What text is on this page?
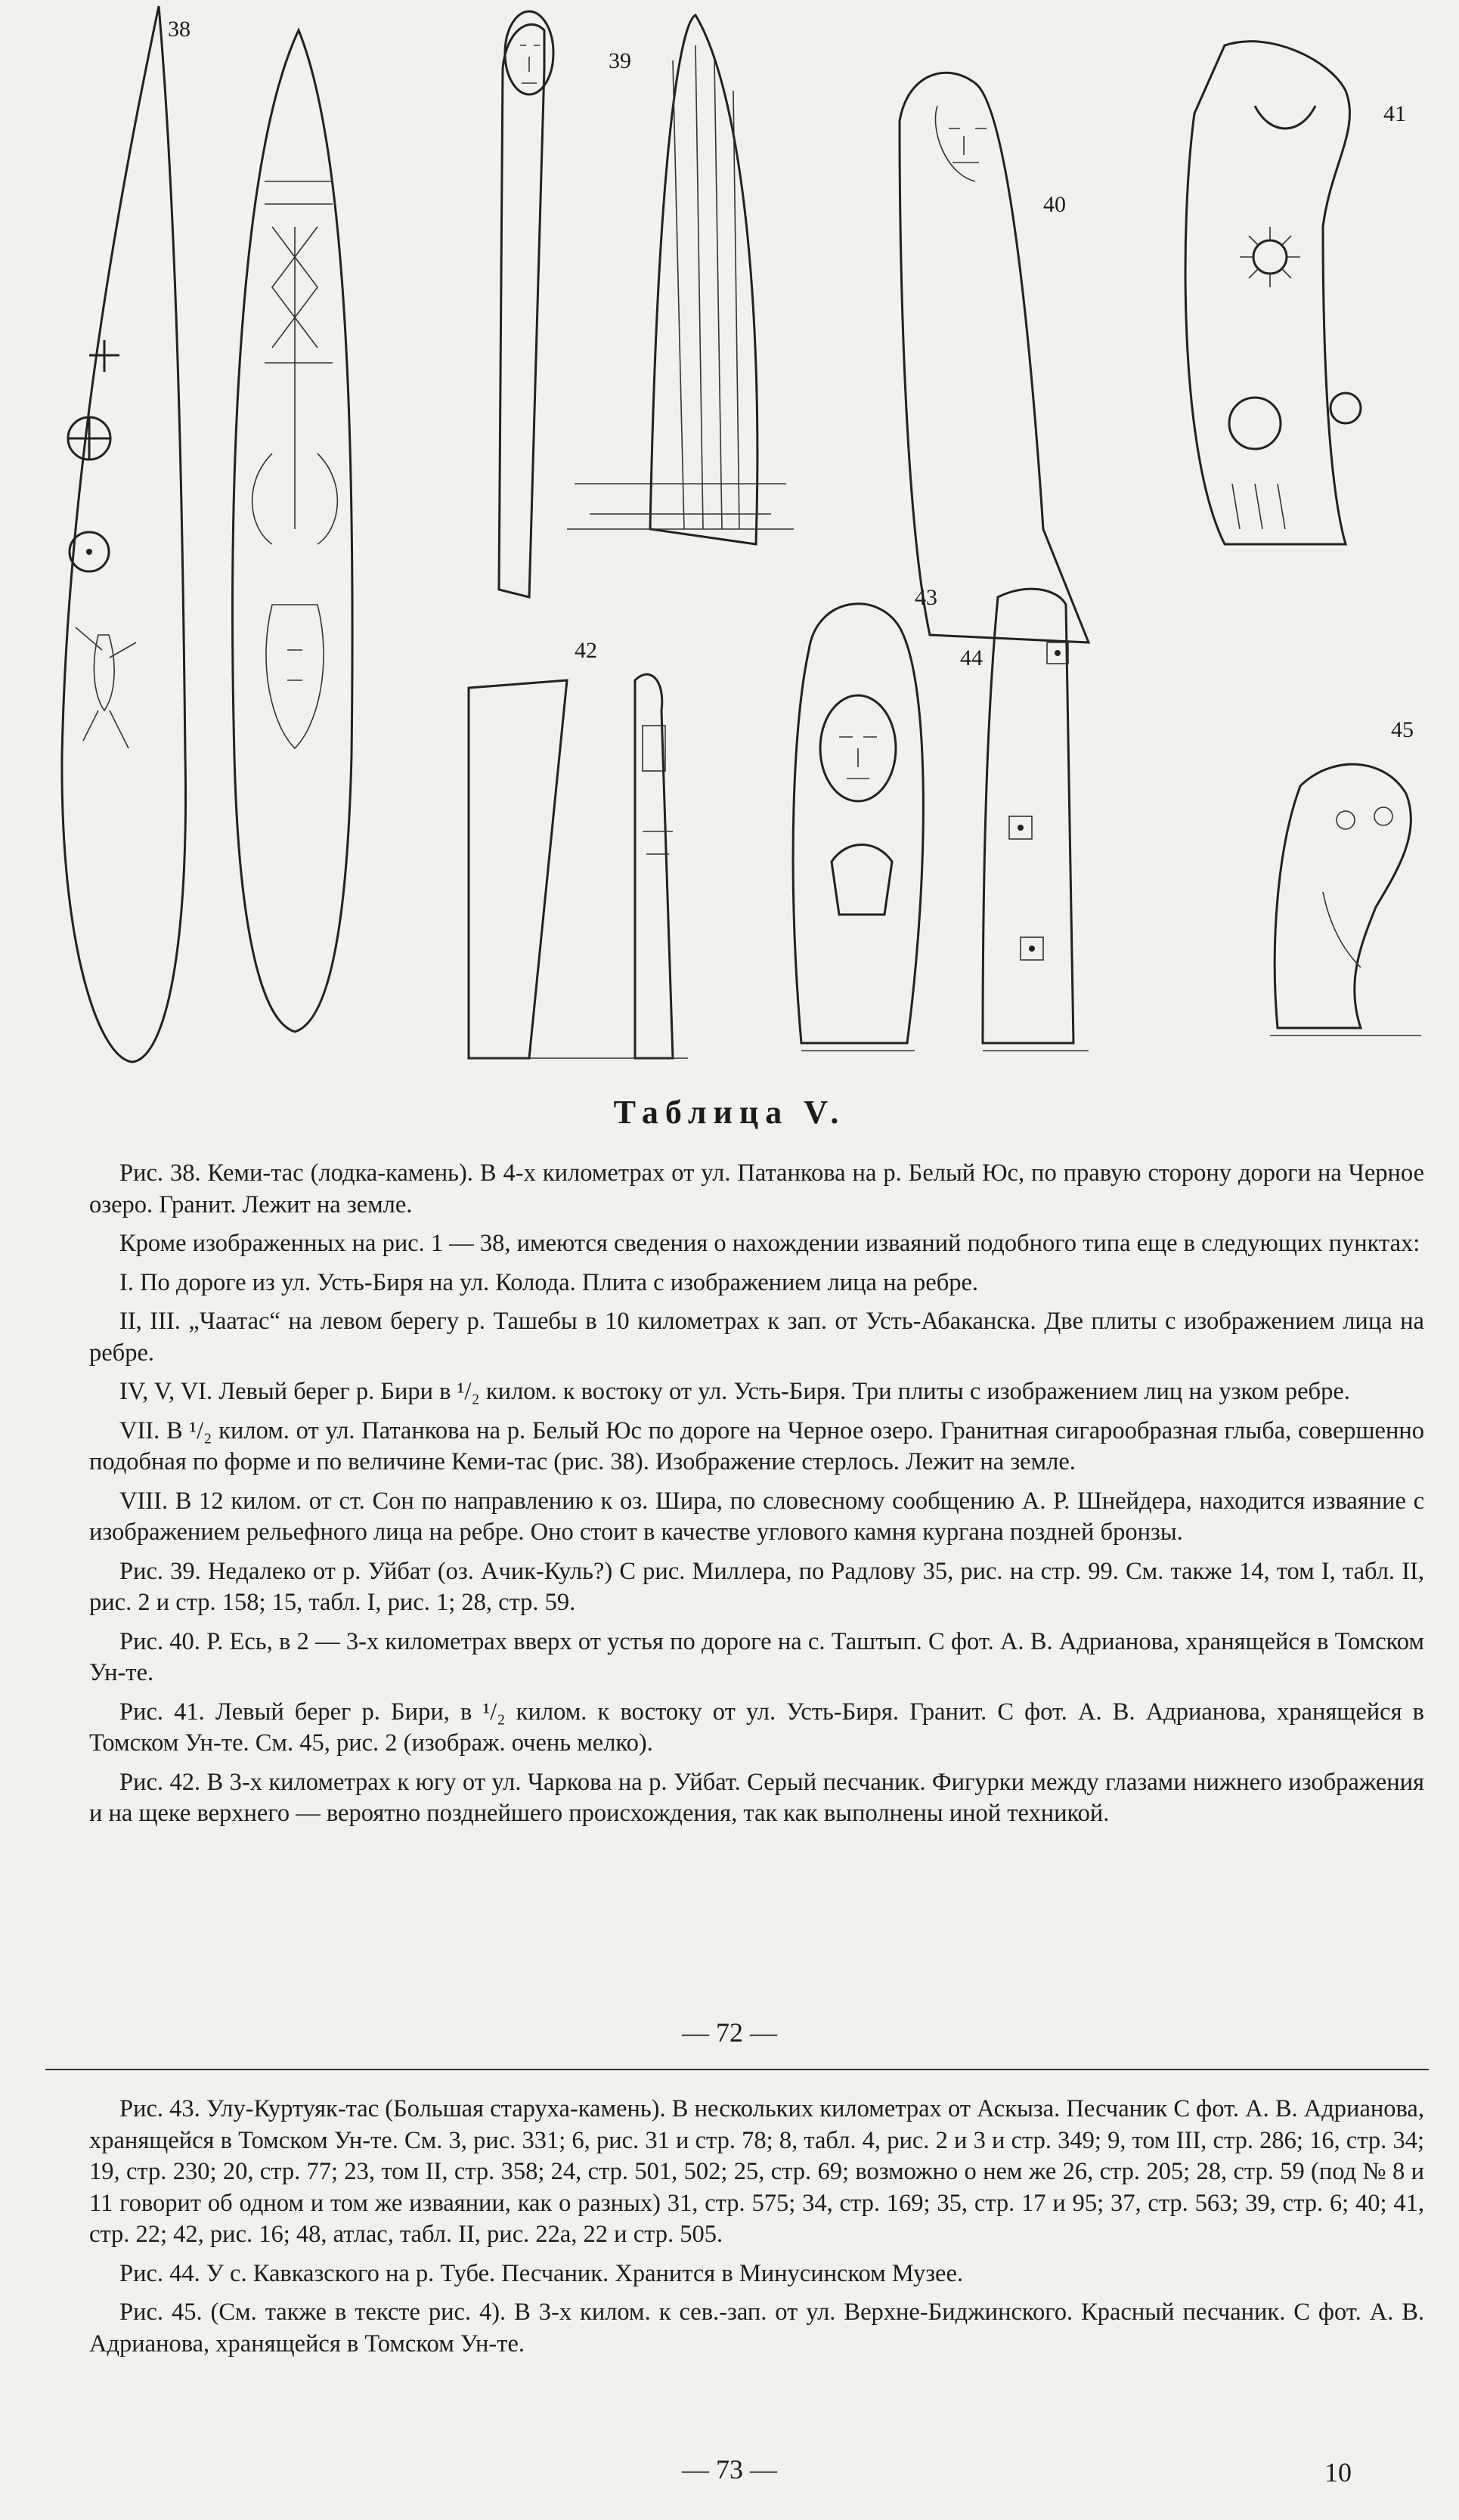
38
39
40
41
42
43
44
45
Таблица V.

Рис. 38. Кеми-тас (лодка-камень). В 4-х километрах от ул. Патанкова на р. Белый Юс, по правую сторону дороги на Черное озеро. Гранит. Лежит на земле.

Кроме изображенных на рис. 1 — 38, имеются сведения о нахождении изваяний подобного типа еще в следующих пунктах:

I. По дороге из ул. Усть-Биря на ул. Колода. Плита с изображением лица на ребре.

II, III. „Чаатас“ на левом берегу р. Ташебы в 10 километрах к зап. от Усть-Абаканска. Две плиты с изображением лица на ребре.

IV, V, VI. Левый берег р. Бири в ¹/₂ килом. к востоку от ул. Усть-Биря. Три плиты с изображением лиц на узком ребре.

VII. В ¹/₂ килом. от ул. Патанкова на р. Белый Юс по дороге на Черное озеро. Гранитная сигарообразная глыба, совершенно подобная по форме и по величине Кеми-тас (рис. 38). Изображение стерлось. Лежит на земле.

VIII. В 12 килом. от ст. Сон по направлению к оз. Шира, по словесному сообщению А. Р. Шнейдера, находится изваяние с изображением рельефного лица на ребре. Оно стоит в качестве углового камня кургана поздней бронзы.

Рис. 39. Недалеко от р. Уйбат (оз. Ачик-Куль?) С рис. Миллера, по Радлову 35, рис. на стр. 99. См. также 14, том I, табл. II, рис. 2 и стр. 158; 15, табл. I, рис. 1; 28, стр. 59.

Рис. 40. Р. Есь, в 2 — 3-х километрах вверх от устья по дороге на с. Таштып. С фот. А. В. Адрианова, хранящейся в Томском Ун-те.

Рис. 41. Левый берег р. Бири, в ¹/₂ килом. к востоку от ул. Усть-Биря. Гранит. С фот. А. В. Адрианова, хранящейся в Томском Ун-те. См. 45, рис. 2 (изображ. очень мелко).

Рис. 42. В 3-х километрах к югу от ул. Чаркова на р. Уйбат. Серый песчаник. Фигурки между глазами нижнего изображения и на щеке верхнего — вероятно позднейшего происхождения, так как выполнены иной техникой.

— 72 —

Рис. 43. Улу-Куртуяк-тас (Большая старуха-камень). В нескольких километрах от Аскыза. Песчаник С фот. А. В. Адрианова, хранящейся в Томском Ун-те. См. 3, рис. 331; 6, рис. 31 и стр. 78; 8, табл. 4, рис. 2 и 3 и стр. 349; 9, том III, стр. 286; 16, стр. 34; 19, стр. 230; 20, стр. 77; 23, том II, стр. 358; 24, стр. 501, 502; 25, стр. 69; возможно о нем же 26, стр. 205; 28, стр. 59 (под № 8 и 11 говорит об одном и том же изваянии, как о разных) 31, стр. 575; 34, стр. 169; 35, стр. 17 и 95; 37, стр. 563; 39, стр. 6; 40; 41, стр. 22; 42, рис. 16; 48, атлас, табл. II, рис. 22а, 22 и стр. 505.

Рис. 44. У с. Кавказского на р. Тубе. Песчаник. Хранится в Минусинском Музее.

Рис. 45. (См. также в тексте рис. 4). В 3-х килом. к сев.-зап. от ул. Верхне-Биджинского. Красный песчаник. С фот. А. В. Адрианова, хранящейся в Томском Ун-те.

— 73 —	10
